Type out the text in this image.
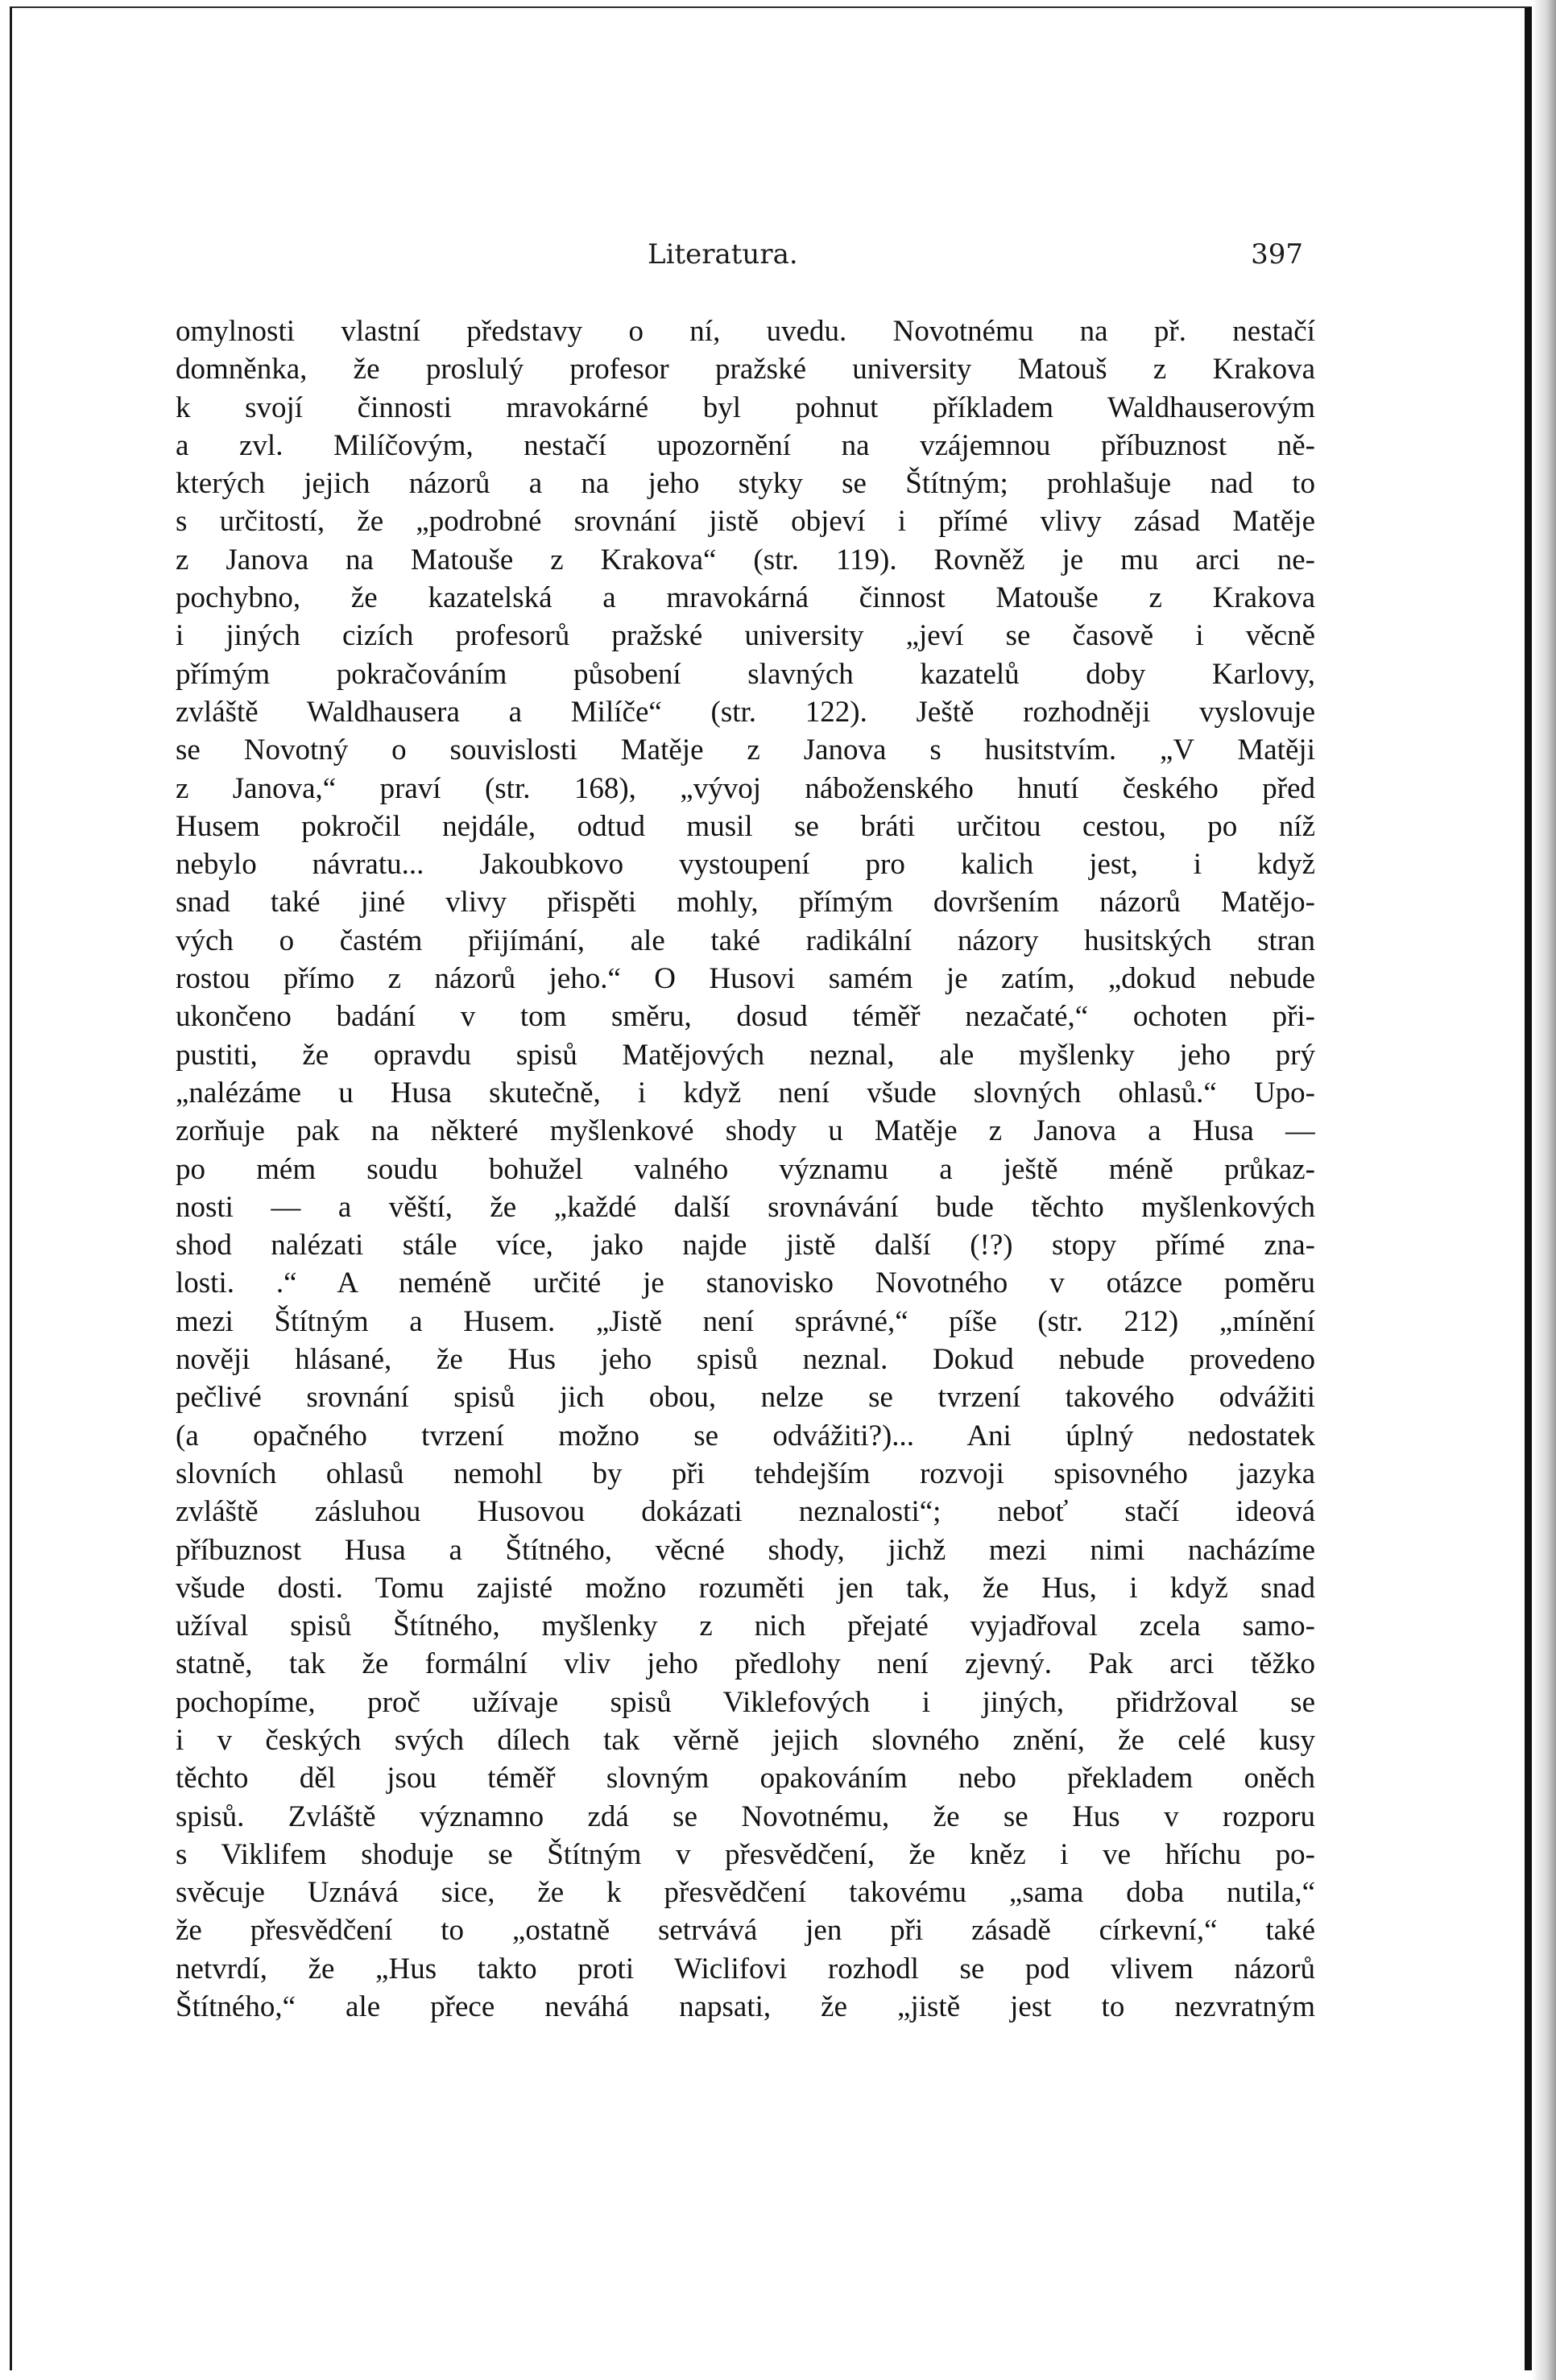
Literatura.	397
omylnosti vlastní představy o ní, uvedu. Novotnému na př. nestačí
domněnka, že proslulý profesor pražské university Matouš z Krakova
k svojí činnosti mravokárné byl pohnut příkladem Waldhauserovým
a zvl. Milíčovým, nestačí upozornění na vzájemnou příbuznost ně-
kterých jejich názorů a na jeho styky se Štítným; prohlašuje nad to
s určitostí, že „podrobné srovnání jistě objeví i přímé vlivy zásad Matěje
z Janova na Matouše z Krakova“ (str. 119). Rovněž je mu arci ne-
pochybno, že kazatelská a mravokárná činnost Matouše z Krakova
i jiných cizích profesorů pražské university „jeví se časově i věcně
přímým pokračováním působení slavných kazatelů doby Karlovy,
zvláště Waldhausera a Milíče“ (str. 122). Ještě rozhodněji vyslovuje
se Novotný o souvislosti Matěje z Janova s husitstvím. „V Matěji
z Janova,“ praví (str. 168), „vývoj náboženského hnutí českého před
Husem pokročil nejdále, odtud musil se bráti určitou cestou, po níž
nebylo návratu... Jakoubkovo vystoupení pro kalich jest, i když
snad také jiné vlivy přispěti mohly, přímým dovršením názorů Matějo-
vých o častém přijímání, ale také radikální názory husitských stran
rostou přímo z názorů jeho.“ O Husovi samém je zatím, „dokud nebude
ukončeno badání v tom směru, dosud téměř nezačaté,“ ochoten při-
pustiti, že opravdu spisů Matějových neznal, ale myšlenky jeho prý
„nalézáme u Husa skutečně, i když není všude slovných ohlasů.“ Upo-
zorňuje pak na některé myšlenkové shody u Matěje z Janova a Husa —
po mém soudu bohužel valného významu a ještě méně průkaz-
nosti — a věští, že „každé další srovnávání bude těchto myšlenkových
shod nalézati stále více, jako najde jistě další (!?) stopy přímé zna-
losti. .“ A neméně určité je stanovisko Novotného v otázce poměru
mezi Štítným a Husem. „Jistě není správné,“ píše (str. 212) „mínění
nověji hlásané, že Hus jeho spisů neznal. Dokud nebude provedeno
pečlivé srovnání spisů jich obou, nelze se tvrzení takového odvážiti
(a opačného tvrzení možno se odvážiti?)... Ani úplný nedostatek
slovních ohlasů nemohl by při tehdejším rozvoji spisovného jazyka
zvláště zásluhou Husovou dokázati neznalosti“; neboť stačí ideová
příbuznost Husa a Štítného, věcné shody, jichž mezi nimi nacházíme
všude dosti. Tomu zajisté možno rozuměti jen tak, že Hus, i když snad
užíval spisů Štítného, myšlenky z nich přejaté vyjadřoval zcela samo-
statně, tak že formální vliv jeho předlohy není zjevný. Pak arci těžko
pochopíme, proč užívaje spisů Viklefových i jiných, přidržoval se
i v českých svých dílech tak věrně jejich slovného znění, že celé kusy
těchto děl jsou téměř slovným opakováním nebo překladem oněch
spisů. Zvláště významno zdá se Novotnému, že se Hus v rozporu
s Viklifem shoduje se Štítným v přesvědčení, že kněz i ve hříchu po-
svěcuje Uznává sice, že k přesvědčení takovému „sama doba nutila,“
že přesvědčení to „ostatně setrvává jen při zásadě církevní,“ také
netvrdí, že „Hus takto proti Wiclifovi rozhodl se pod vlivem názorů
Štítného,“ ale přece neváhá napsati, že „jistě jest to nezvratným
